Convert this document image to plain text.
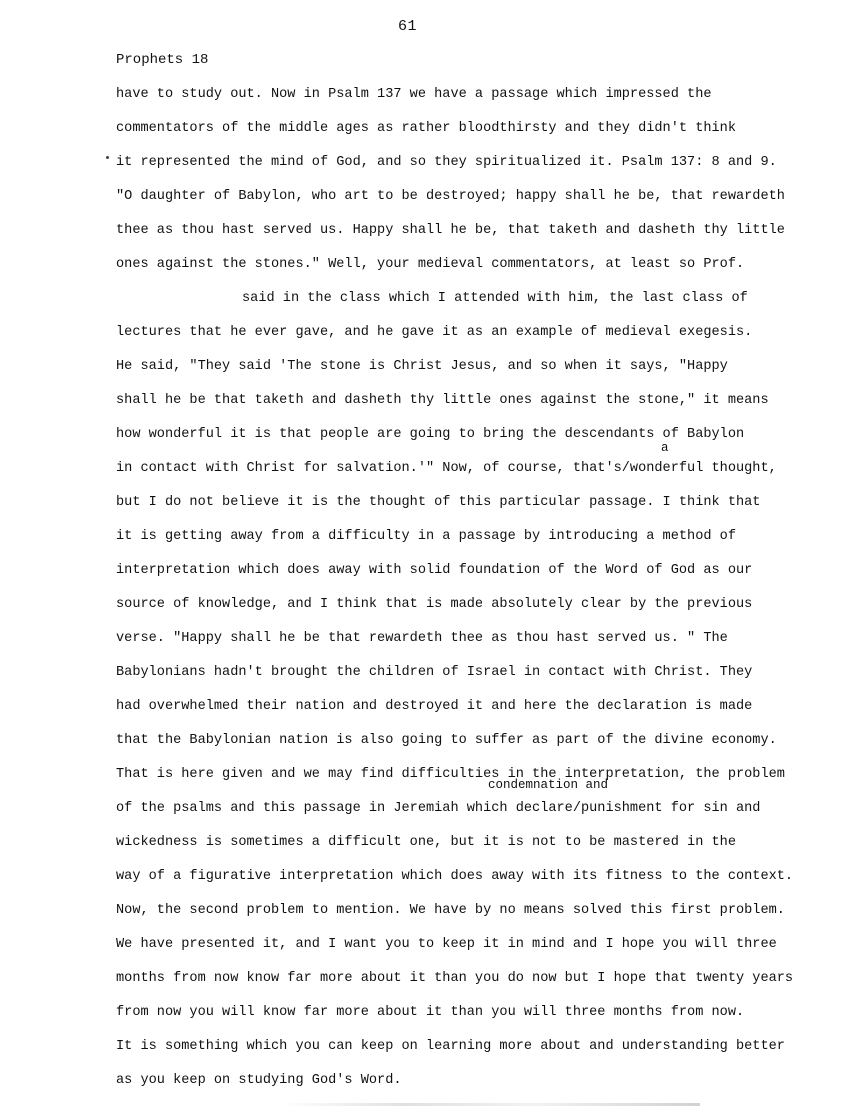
61
Prophets 18
a
condemnation and
have to study out. Now in Psalm 137 we have a passage which impressed the
commentators of the middle ages as rather bloodthirsty and they didn't think
it represented the mind of God, and so they spiritualized it. Psalm 137: 8 and 9.
"O daughter of Babylon, who art to be destroyed; happy shall he be, that rewardeth
thee as thou hast served us. Happy shall he be, that taketh and dasheth thy little
ones against the stones." Well, your medieval commentators, at least so Prof.
said in the class which I attended with him, the last class of
lectures that he ever gave, and he gave it as an example of medieval exegesis.
He said, "They said 'The stone is Christ Jesus, and so when it says, "Happy
shall he be that taketh and dasheth thy little ones against the stone," it means
how wonderful it is that people are going to bring the descendants of Babylon
in contact with Christ for salvation.'" Now, of course, that's/wonderful thought,
but I do not believe it is the thought of this particular passage. I think that
it is getting away from a difficulty in a passage by introducing a method of
interpretation which does away with solid foundation of the Word of God as our
source of knowledge, and I think that is made absolutely clear by the previous
verse. "Happy shall he be that rewardeth thee as thou hast served us. " The
Babylonians hadn't brought the children of Israel in contact with Christ. They
had overwhelmed their nation and destroyed it and here the declaration is made
that the Babylonian nation is also going to suffer as part of the divine economy.
That is here given and we may find difficulties in the interpretation, the problem
of the psalms and this passage in Jeremiah which declare/punishment for sin and
wickedness is sometimes a difficult one, but it is not to be mastered in the
way of a figurative interpretation which does away with its fitness to the context.
Now, the second problem to mention. We have by no means solved this first problem.
We have presented it, and I want you to keep it in mind and I hope you will three
months from now know far more about it than you do now but I hope that twenty years
from now you will know far more about it than you will three months from now.
It is something which you can keep on learning more about and understanding better
as you keep on studying God's Word.
